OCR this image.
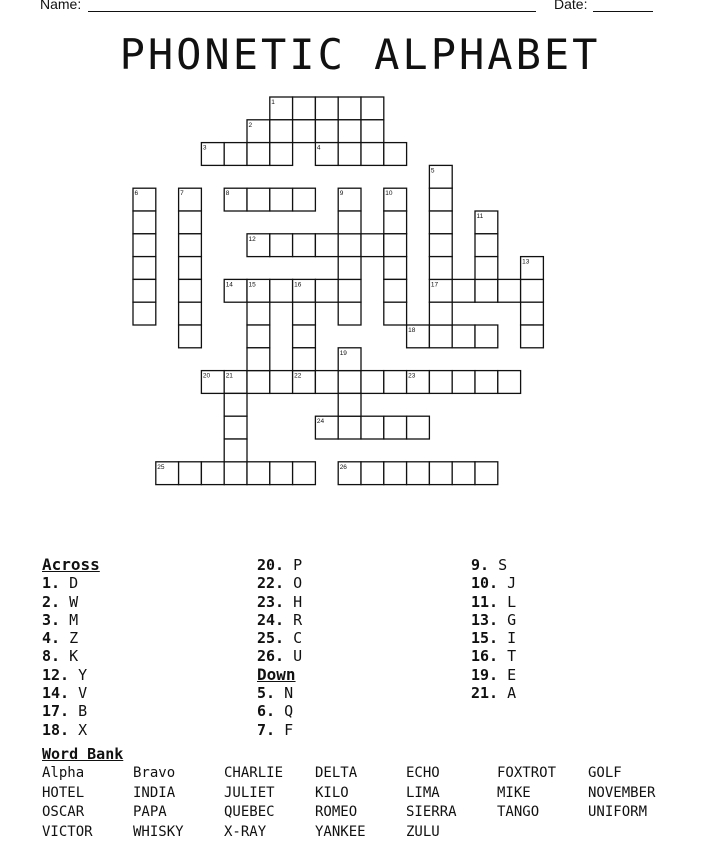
Name:	Date:
PHONETIC ALPHABET
1
2
3	4
8
12
14	17
18
20	22	23
24
25	26
5
6	7	9	10
11
13
15	16
19
21
Across
1. D
2. W
3. M
4. Z
8. K
12. Y
14. V
17. B
18. X
20. P
22. O
23. H
24. R
25. C
26. U
Down
5. N
6. Q
7. F
9. S
10. J
11. L
13. G
15. I
16. T
19. E
21. A
Word Bank
Alpha	Bravo	CHARLIE DELTA	ECHO	FOXTROT GOLF
HOTEL	INDIA	JULIET	KILO	LIMA	MIKE	NOVEMBER
OSCAR	PAPA	QUEBEC	ROMEO	SIERRA	TANGO	UNIFORM
VICTOR	WHISKY	X-RAY	YANKEE	ZULU
